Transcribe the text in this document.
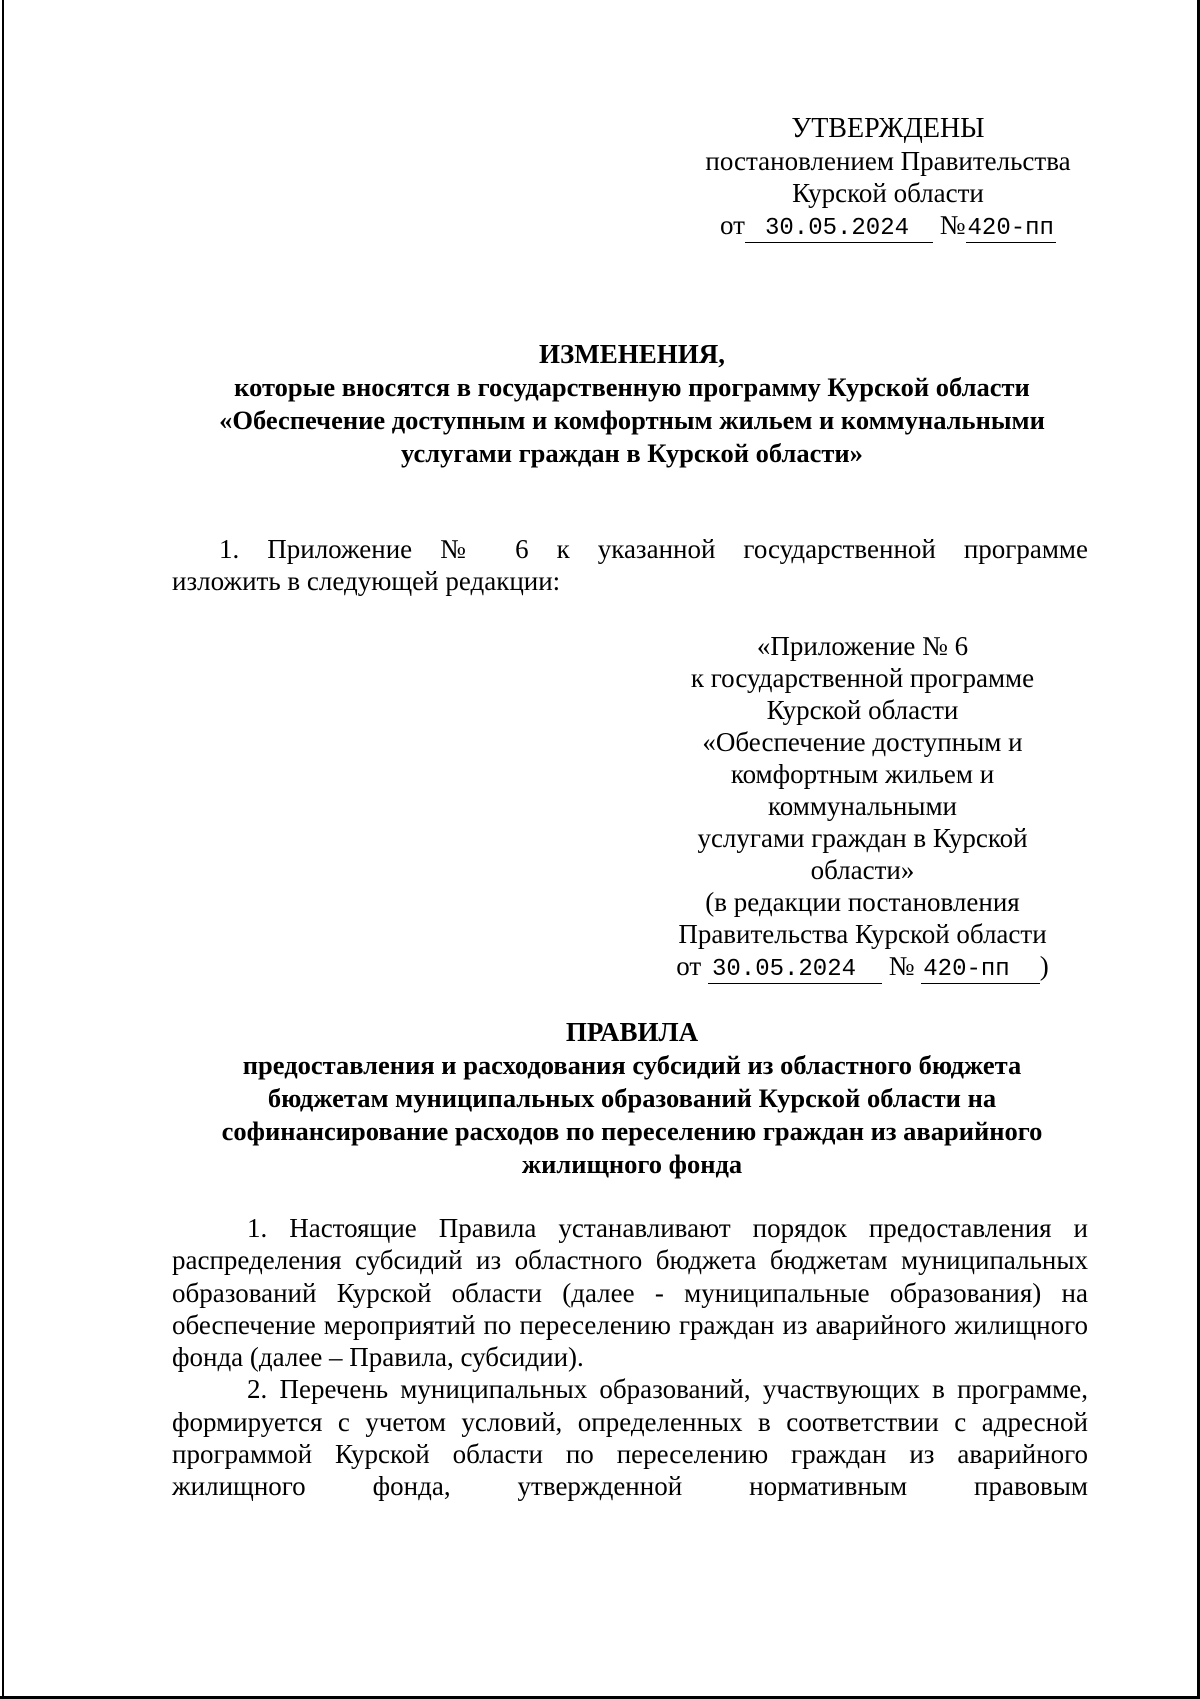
УТВЕРЖДЕНЫ
постановлением Правительства
Курской области
от 30.05.2024 №420-пп
ИЗМЕНЕНИЯ,
которые вносятся в государственную программу Курской области
«Обеспечение доступным и комфортным жильем и коммунальными
услугами граждан в Курской области»
1. Приложение № 6 к указанной государственной программе
изложить в следующей редакции:
«Приложение № 6
к государственной программе
Курской области
«Обеспечение доступным и
комфортным жильем и
коммунальными
услугами граждан в Курской
области»
(в редакции постановления
Правительства Курской области
от 30.05.2024 № 420-пп )
ПРАВИЛА
предоставления и расходования субсидий из областного бюджета
бюджетам муниципальных образований Курской области на
софинансирование расходов по переселению граждан из аварийного
жилищного фонда

1. Настоящие Правила устанавливают порядок предоставления и распределения субсидий из областного бюджета бюджетам муниципальных образований Курской области (далее - муниципальные образования) на обеспечение мероприятий по переселению граждан из аварийного жилищного фонда (далее – Правила, субсидии).

2. Перечень муниципальных образований, участвующих в программе, формируется с учетом условий, определенных в соответствии с адресной программой Курской области по переселению граждан из аварийного жилищного фонда, утвержденной нормативным правовым
